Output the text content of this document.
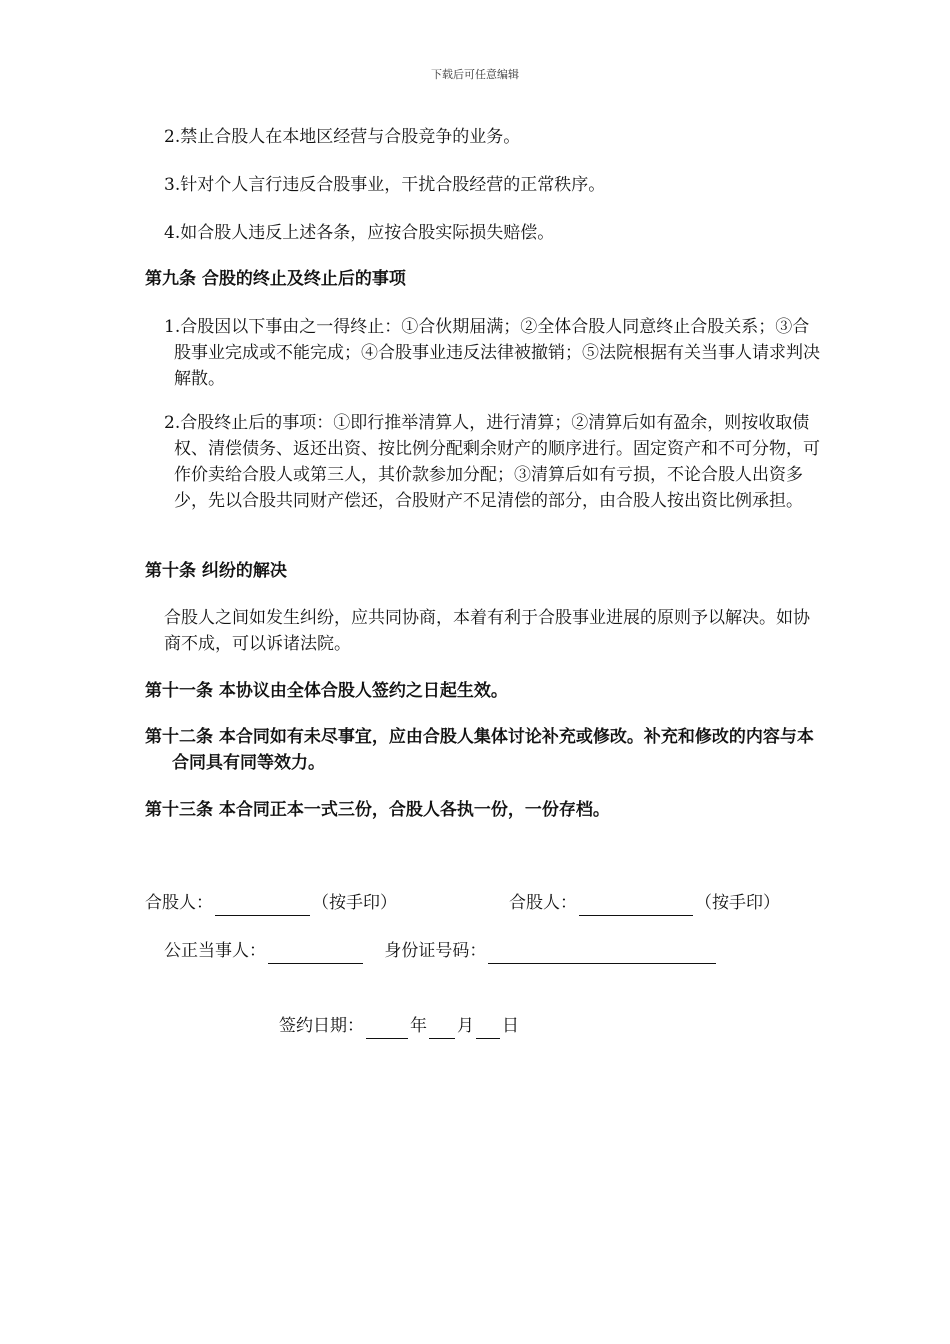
下载后可任意编辑
2.禁止合股人在本地区经营与合股竞争的业务。
3.针对个人言行违反合股事业，干扰合股经营的正常秩序。
4.如合股人违反上述各条，应按合股实际损失赔偿。
第九条 合股的终止及终止后的事项
1.合股因以下事由之一得终止：①合伙期届满；②全体合股人同意终止合股关系；③合股事业完成或不能完成；④合股事业违反法律被撤销；⑤法院根据有关当事人请求判决解散。
2.合股终止后的事项：①即行推举清算人，进行清算；②清算后如有盈余，则按收取债权、清偿债务、返还出资、按比例分配剩余财产的顺序进行。固定资产和不可分物，可作价卖给合股人或第三人，其价款参加分配；③清算后如有亏损，不论合股人出资多少，先以合股共同财产偿还，合股财产不足清偿的部分，由合股人按出资比例承担。
第十条 纠纷的解决
合股人之间如发生纠纷，应共同协商，本着有利于合股事业进展的原则予以解决。如协商不成，可以诉诸法院。
第十一条 本协议由全体合股人签约之日起生效。
第十二条 本合同如有未尽事宜，应由合股人集体讨论补充或修改。补充和修改的内容与本合同具有同等效力。
第十三条 本合同正本一式三份，合股人各执一份，一份存档。
合股人：	（按手印）	合股人：	（按手印）
公正当事人：	身份证号码：
签约日期：	年 月 日
